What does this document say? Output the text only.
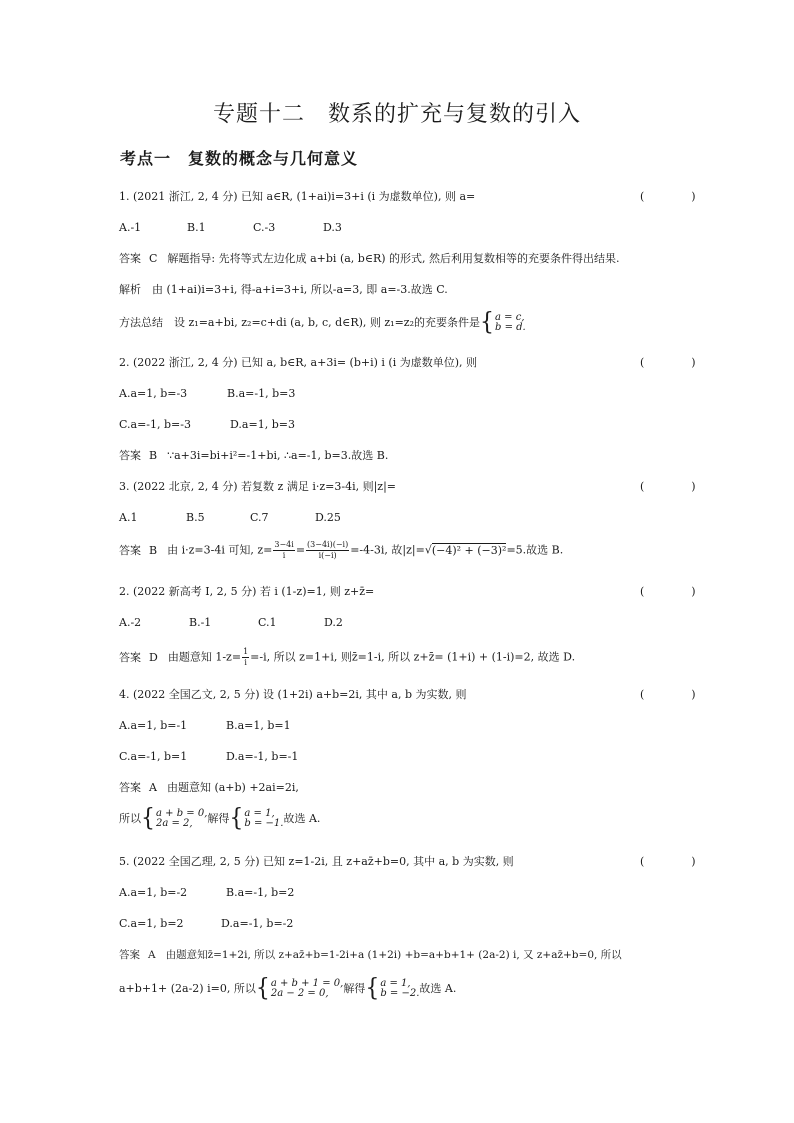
专题十二　数系的扩充与复数的引入
考点一　复数的概念与几何意义
1. (2021 浙江, 2, 4 分) 已知 a∈R, (1+ai)i=3+i (i 为虚数单位), 则 a=	(　)
A.-1	B.1	C.-3	D.3
答案 C 解题指导: 先将等式左边化成 a+bi (a, b∈R) 的形式, 然后利用复数相等的充要条件得出结果.
解析　由 (1+ai)i=3+i, 得-a+i=3+i, 所以-a=3, 即 a=-3.故选 C.
方法总结　设 z₁=a+bi, z₂=c+di (a, b, c, d∈R), 则 z₁=z₂的充要条件是{ a = c,
b = d.
2. (2022 浙江, 2, 4 分) 已知 a, b∈R, a+3i= (b+i) i (i 为虚数单位), 则	(　)
A.a=1, b=-3	B.a=-1, b=3
C.a=-1, b=-3	D.a=1, b=3
答案 B ∵a+3i=bi+i²=-1+bi, ∴a=-1, b=3.故选 B.
3. (2022 北京, 2, 4 分) 若复数 z 满足 i·z=3-4i, 则|z|=	(　)
A.1	B.5	C.7	D.25
答案 B 由 i·z=3-4i 可知, $z= \frac{3-4i}{i} = \frac{(3-4i)(-i)}{i(-i)} =-4-3i$, 故|z|=√(−4)² + (−3)²=5.故选 B.
2. (2022 新高考 Ⅰ, 2, 5 分) 若 i (1-z)=1, 则 z+z̄=	(　)
A.-2	B.-1	C.1	D.2
答案 D 由题意知 $1-z= \frac{1}{i} =-i$, 所以 z=1+i, 则z̄=1-i, 所以 z+z̄= (1+i) + (1-i)=2, 故选 D.
4. (2022 全国乙文, 2, 5 分) 设 (1+2i) a+b=2i, 其中 a, b 为实数, 则	(　)
A.a=1, b=-1	B.a=1, b=1
C.a=-1, b=1	D.a=-1, b=-1
答案 A 由题意知 (a+b) +2ai=2i,
所以{ a + b = 0,
2a = 2,	解得{ a = 1,
b = −1. 故选 A.
5. (2022 全国乙理, 2, 5 分) 已知 z=1-2i, 且 z+az̄+b=0, 其中 a, b 为实数, 则	(　)
A.a=1, b=-2	B.a=-1, b=2
C.a=1, b=2	D.a=-1, b=-2
答案 A 由题意知z̄=1+2i, 所以 z+az̄+b=1-2i+a (1+2i) +b=a+b+1+ (2a-2) i, 又 z+az̄+b=0, 所以
a+b+1+ (2a-2) i=0, 所以{ a + b + 1 = 0,
2a − 2 = 0,	解得{ a = 1,
b = −2. 故选 A.
